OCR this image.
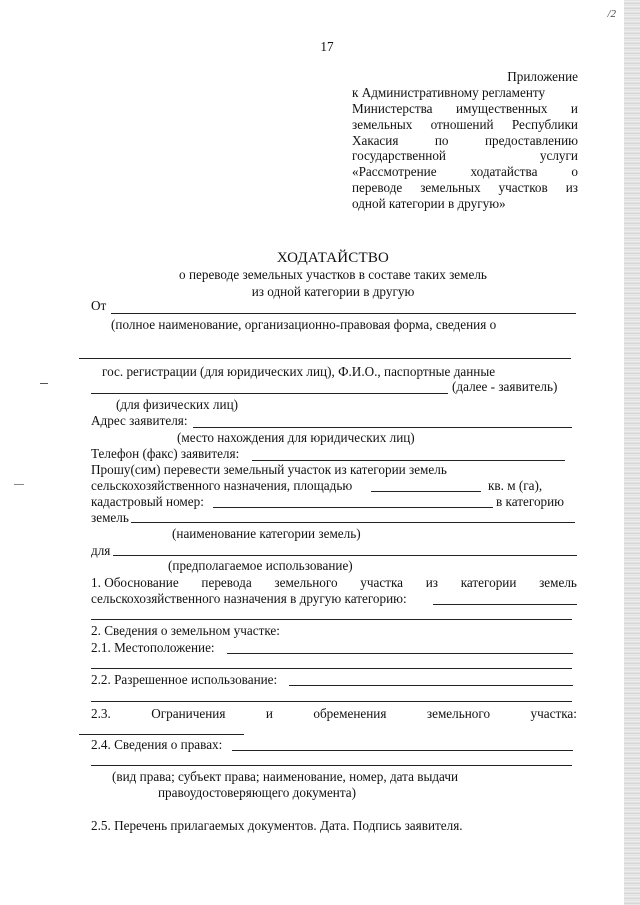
/2
17
Приложение
к Административному регламенту
Министерства имущественных и
земельных отношений Республики
Хакасия	по	предоставлению
государственной	услуги
«Рассмотрение	ходатайства	о
переводе земельных участков из
одной категории в другую»
ХОДАТАЙСТВО
о переводе земельных участков в составе таких земель
из одной категории в другую
От
(полное наименование, организационно-правовая форма, сведения о
гос. регистрации (для юридических лиц), Ф.И.О., паспортные данные
(далее - заявитель)
(для физических лиц)
Адрес заявителя:
(место нахождения для юридических лиц)
Телефон (факс) заявителя:
Прошу(сим) перевести земельный участок из категории земель
сельскохозяйственного назначения, площадью	кв. м (га),
кадастровый номер:	в категорию
земель
(наименование категории земель)
для
(предполагаемое использование)
1. Обоснование перевода земельного участка из категории земель
сельскохозяйственного назначения в другую категорию:
2. Сведения о земельном участке:
2.1. Местоположение:
2.2. Разрешенное использование:
2.3.	Ограничения	и	обременения	земельного	участка:
2.4. Сведения о правах:
(вид права; субъект права; наименование, номер, дата выдачи
правоудостоверяющего документа)
2.5. Перечень прилагаемых документов. Дата. Подпись заявителя.
